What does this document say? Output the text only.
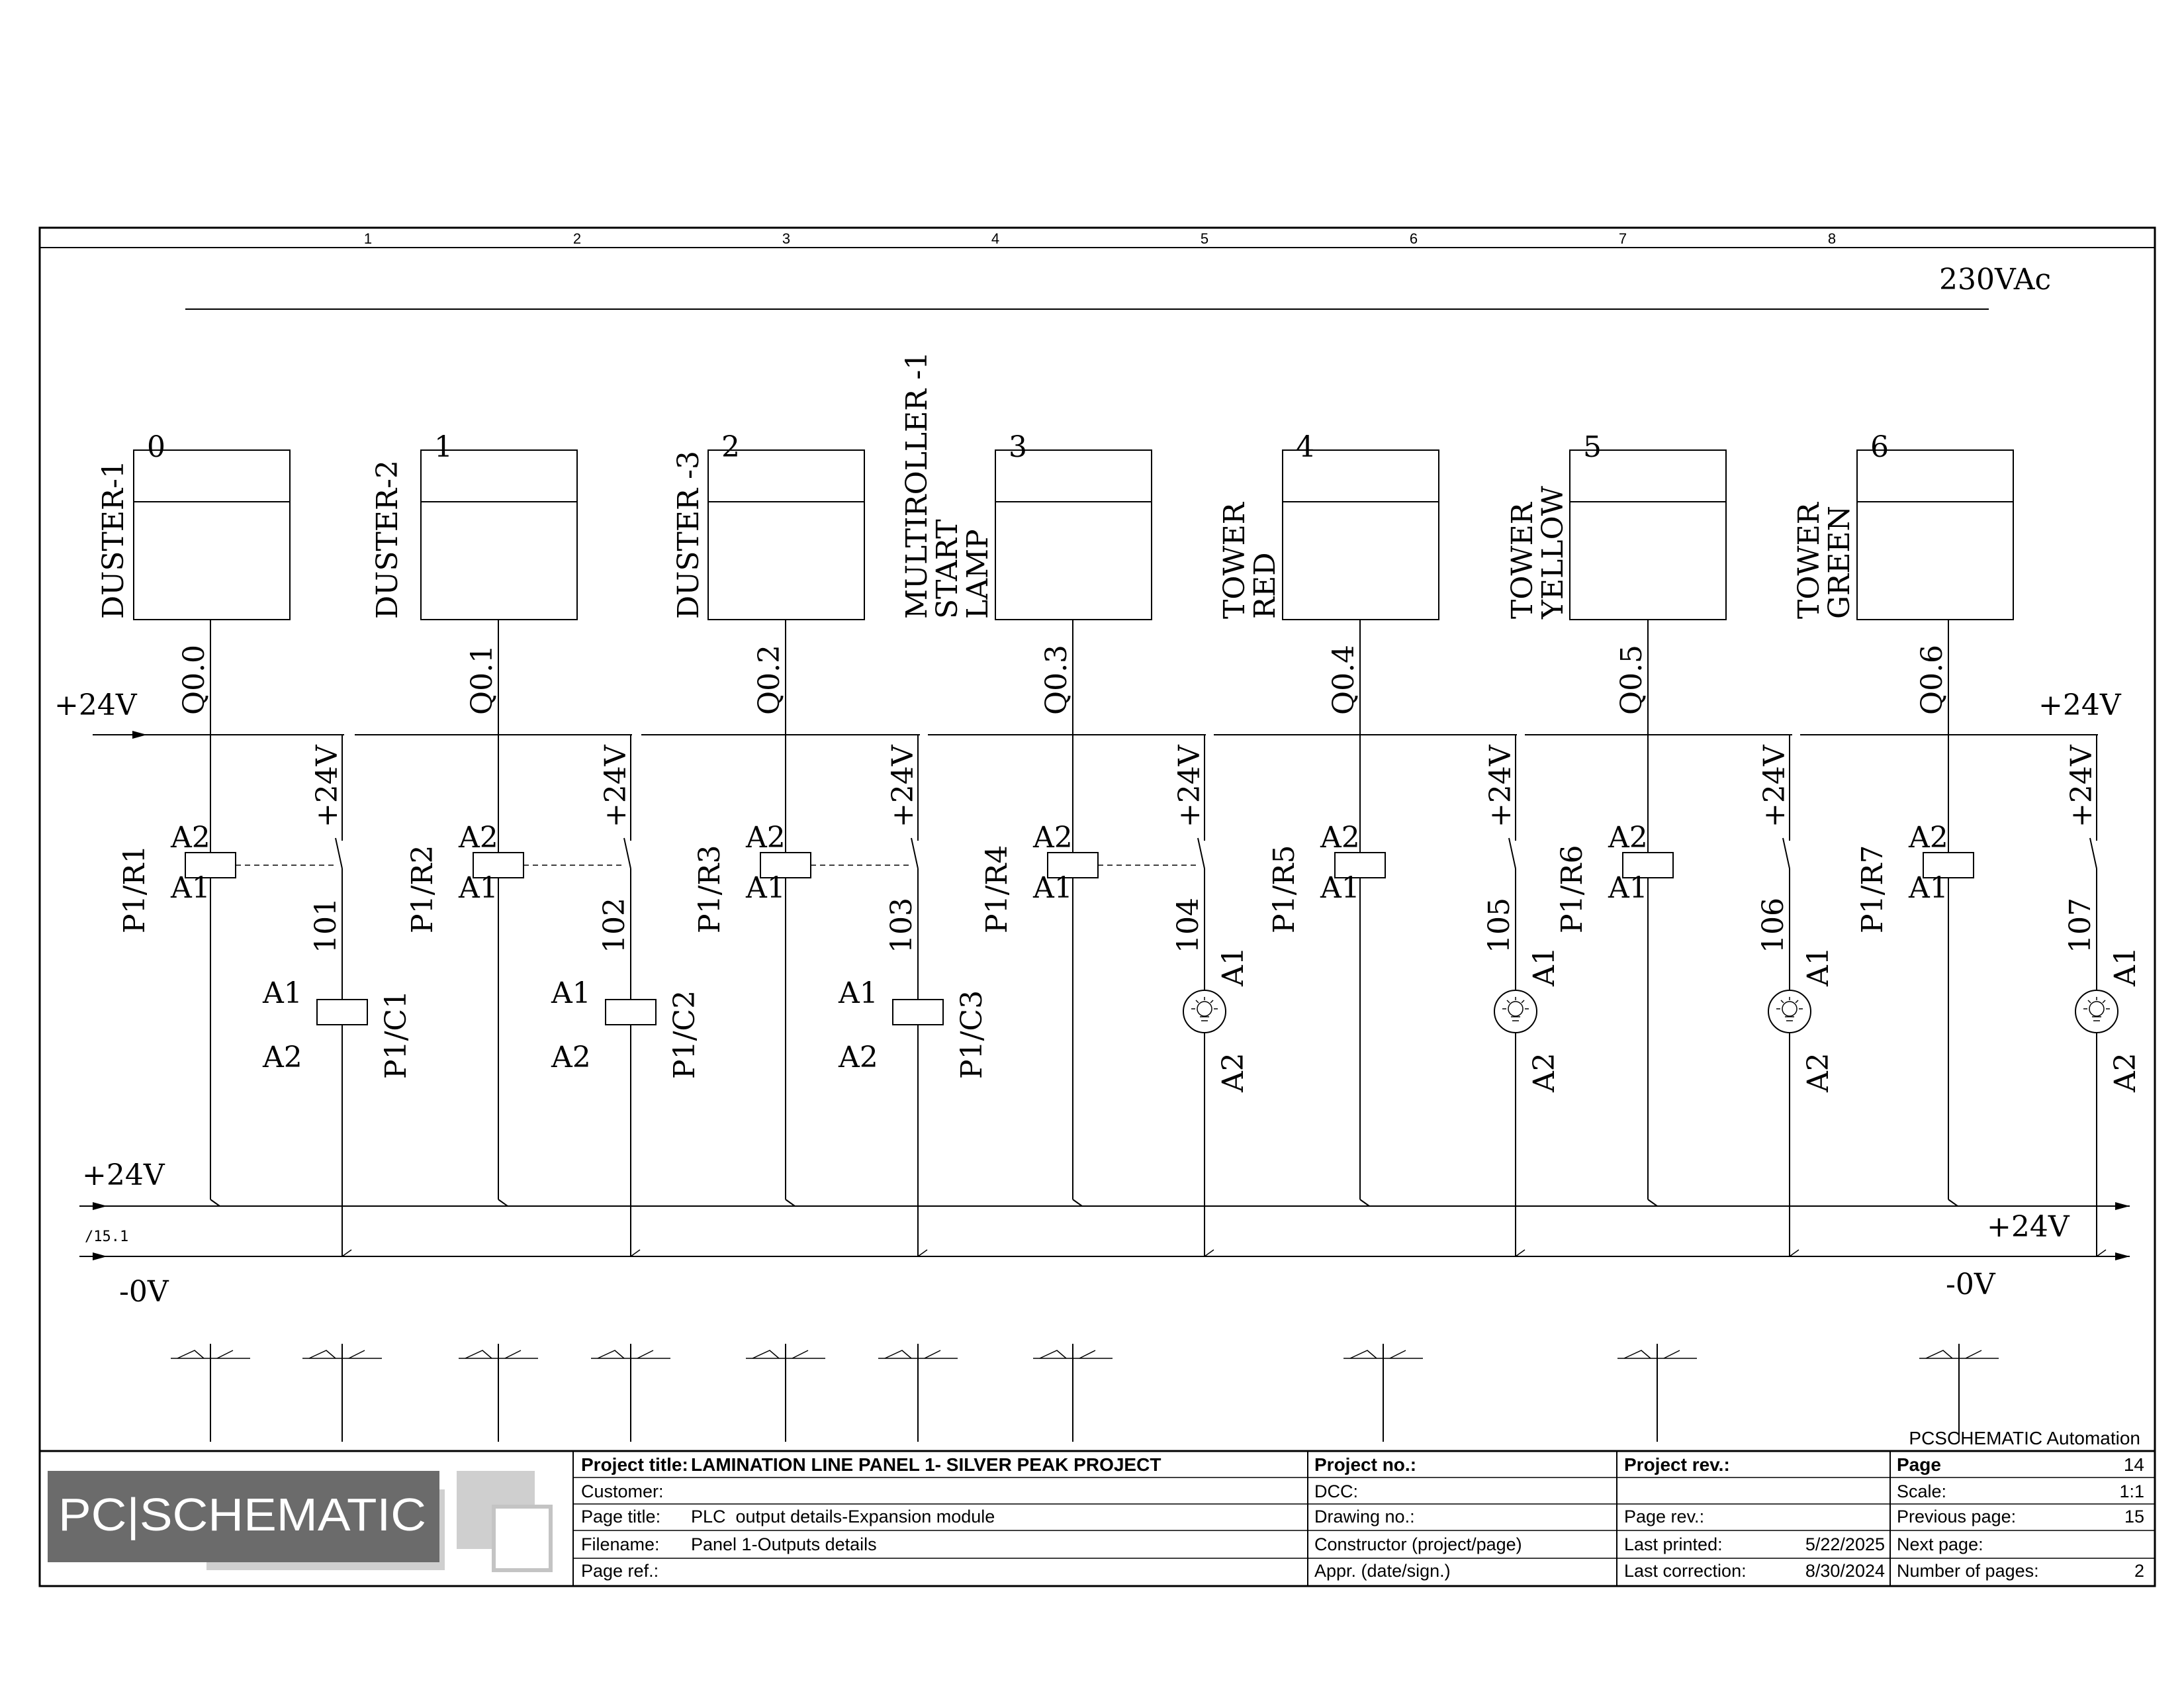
1	2	3	4	5	6	7	8
230VAc
+24V	+24V
+24V
+24V
-0V	-0V
/15.1
0
DUSTER-1
Q0.0
A2
A1
P1/R1
+24V
101
A1
A2	P1/C1
1
DUSTER-2
Q0.1
A2
A1
P1/R2
+24V
102
A1
A2	P1/C2
2
DUSTER -3
Q0.2
A2
A1
P1/R3
+24V
103
A1
A2	P1/C3
3
MULTIROLLER -1
START
LAMP
Q0.3
A2
A1
P1/R4
+24V
104
A1
A2
4
TOWER
RED
Q0.4
A2
A1
P1/R5
+24V
105
A1
A2
5
TOWER
YELLOW
Q0.5
A2
A1
P1/R6
+24V
106
A1
A2
6
TOWER
GREEN
Q0.6
A2
A1
P1/R7
+24V
107
A1
A2
PC|SCHEMATIC
PCSCHEMATIC Automation
Project title: LAMINATION LINE PANEL 1- SILVER PEAK PROJECT
Customer:
Page title: PLC  output details-Expansion module
Filename: Panel 1-Outputs details
Page ref.:
Project no.:
DCC:
Drawing no.:
Constructor (project/page)
Appr. (date/sign.)
Project rev.:
Page rev.:
Last printed:	5/22/2025
Last correction:	8/30/2024
Page	14
Scale:	1:1
Previous page:	15
Next page:
Number of pages:	2
